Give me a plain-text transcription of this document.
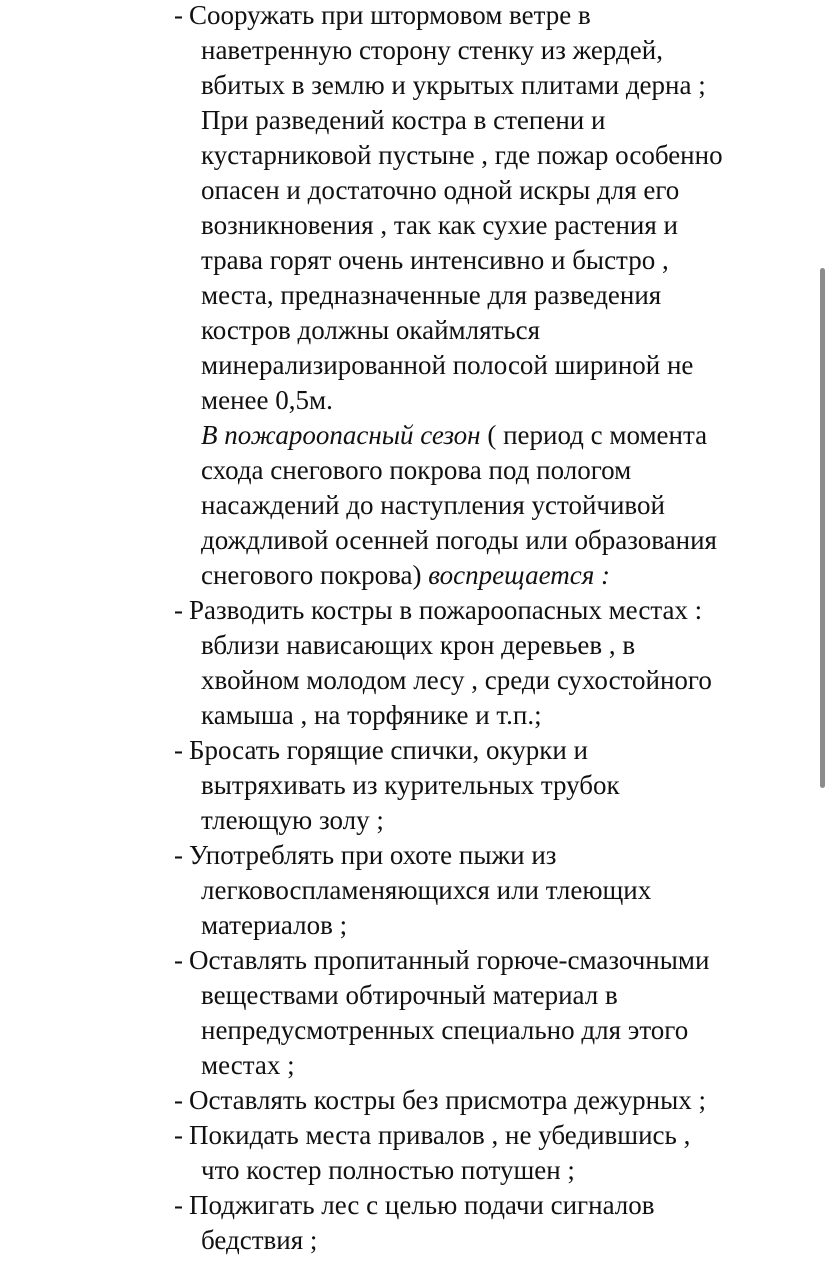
- Сооружать при штормовом ветре в
наветренную сторону стенку из жердей,
вбитых в землю и укрытых плитами дерна ;
При разведений костра в степени и
кустарниковой пустыне , где пожар особенно
опасен и достаточно одной искры для его
возникновения , так как сухие растения и
трава горят очень интенсивно и быстро ,
места, предназначенные для разведения
костров должны окаймляться
минерализированной полосой шириной не
менее 0,5м.
В пожароопасный сезон ( период с момента
схода снегового покрова под пологом
насаждений до наступления устойчивой
дождливой осенней погоды или образования
снегового покрова) воспрещается :
- Разводить костры в пожароопасных местах :
вблизи нависающих крон деревьев , в
хвойном молодом лесу , среди сухостойного
камыша , на торфянике и т.п.;
- Бросать горящие спички, окурки и
вытряхивать из курительных трубок
тлеющую золу ;
- Употреблять при охоте пыжи из
легковоспламеняющихся или тлеющих
материалов ;
- Оставлять пропитанный горюче-смазочными
веществами обтирочный материал в
непредусмотренных специально для этого
местах ;
- Оставлять костры без присмотра дежурных ;
- Покидать места привалов , не убедившись ,
что костер полностью потушен ;
- Поджигать лес с целью подачи сигналов
бедствия ;
